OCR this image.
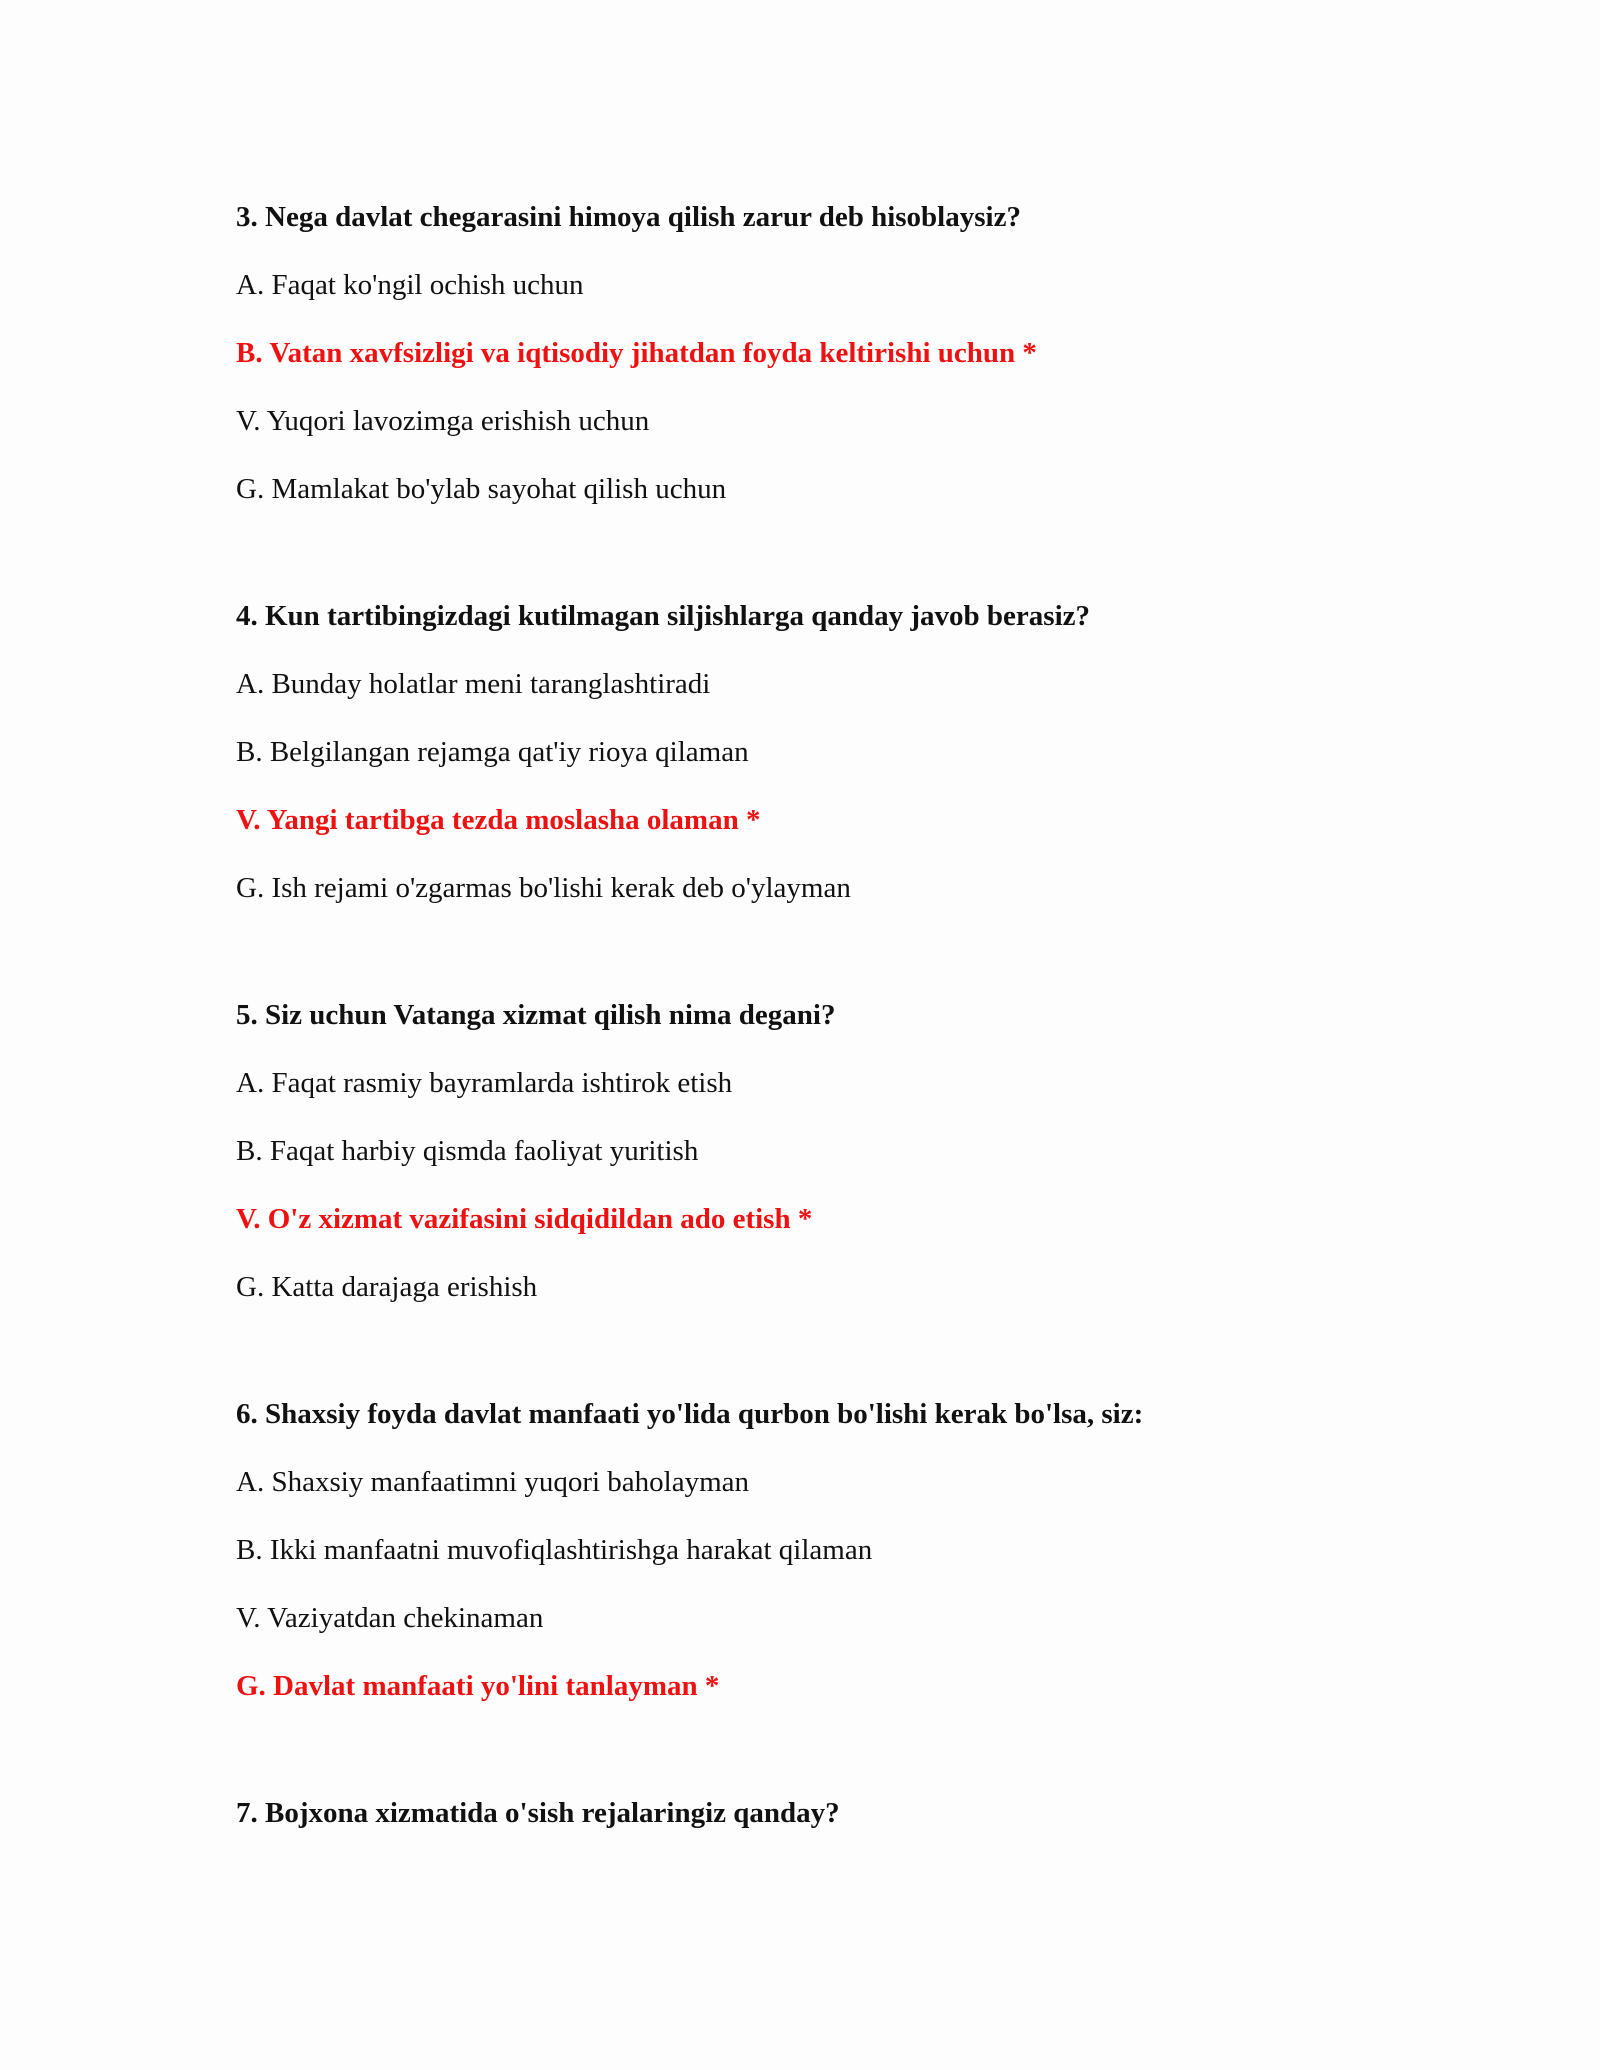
3. Nega davlat chegarasini himoya qilish zarur deb hisoblaysiz?
A. Faqat ko'ngil ochish uchun
B. Vatan xavfsizligi va iqtisodiy jihatdan foyda keltirishi uchun *
V. Yuqori lavozimga erishish uchun
G. Mamlakat bo'ylab sayohat qilish uchun
4. Kun tartibingizdagi kutilmagan siljishlarga qanday javob berasiz?
A. Bunday holatlar meni taranglashtiradi
B. Belgilangan rejamga qat'iy rioya qilaman
V. Yangi tartibga tezda moslasha olaman *
G. Ish rejami o'zgarmas bo'lishi kerak deb o'ylayman
5. Siz uchun Vatanga xizmat qilish nima degani?
A. Faqat rasmiy bayramlarda ishtirok etish
B. Faqat harbiy qismda faoliyat yuritish
V. O'z xizmat vazifasini sidqidildan ado etish *
G. Katta darajaga erishish
6. Shaxsiy foyda davlat manfaati yo'lida qurbon bo'lishi kerak bo'lsa, siz:
A. Shaxsiy manfaatimni yuqori baholayman
B. Ikki manfaatni muvofiqlashtirishga harakat qilaman
V. Vaziyatdan chekinaman
G. Davlat manfaati yo'lini tanlayman *
7. Bojxona xizmatida o'sish rejalaringiz qanday?
